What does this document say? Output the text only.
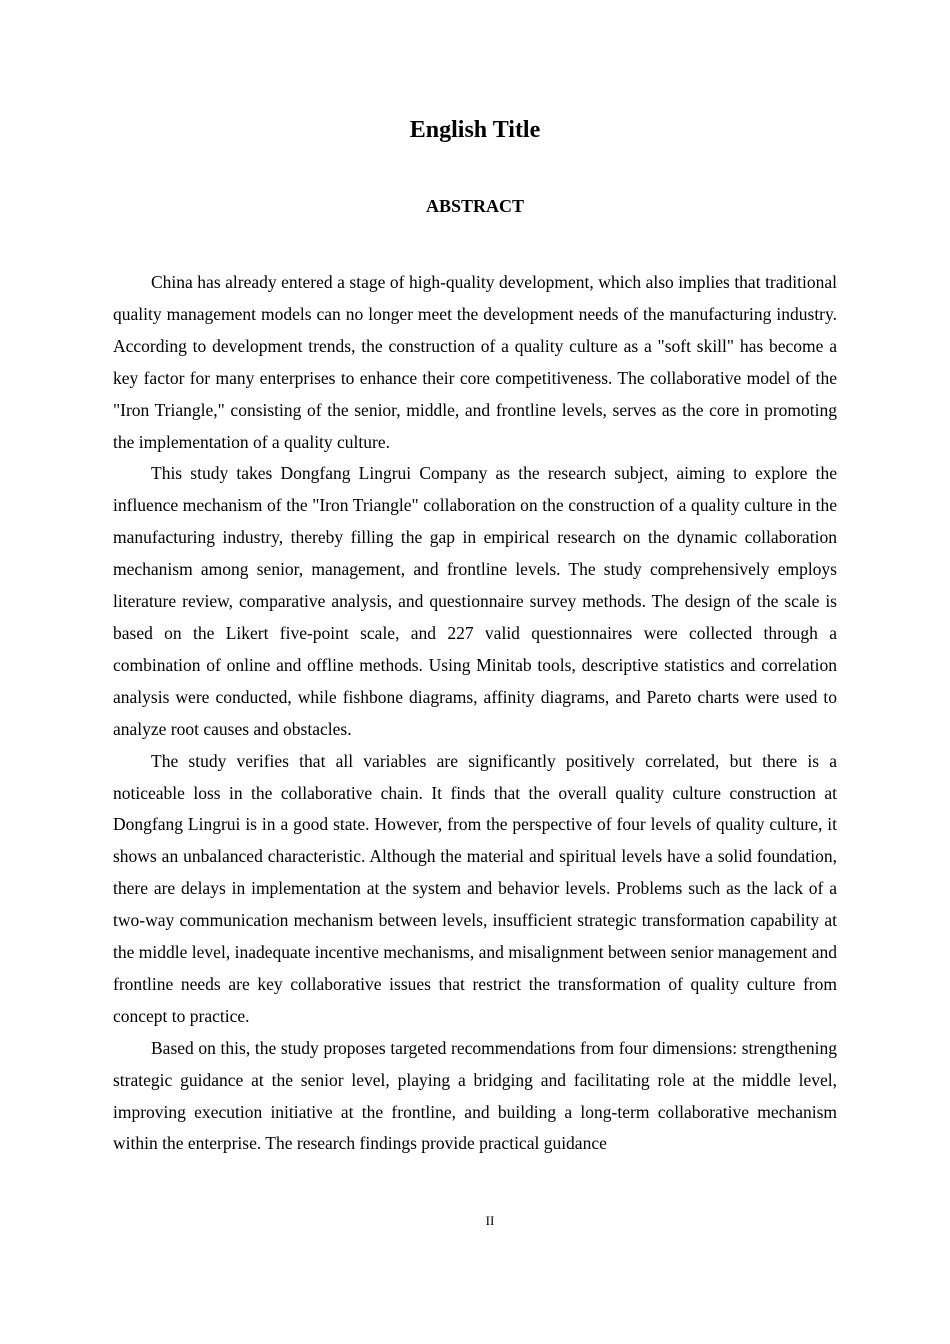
English Title
ABSTRACT

China has already entered a stage of high-quality development, which also implies that traditional quality management models can no longer meet the development needs of the manufacturing industry. According to development trends, the construction of a quality culture as a "soft skill" has become a key factor for many enterprises to enhance their core competitiveness. The collaborative model of the "Iron Triangle," consisting of the senior, middle, and frontline levels, serves as the core in promoting the implementation of a quality culture.

This study takes Dongfang Lingrui Company as the research subject, aiming to explore the influence mechanism of the "Iron Triangle" collaboration on the construction of a quality culture in the manufacturing industry, thereby filling the gap in empirical research on the dynamic collaboration mechanism among senior, management, and frontline levels. The study comprehensively employs literature review, comparative analysis, and questionnaire survey methods. The design of the scale is based on the Likert five-point scale, and 227 valid questionnaires were collected through a combination of online and offline methods. Using Minitab tools, descriptive statistics and correlation analysis were conducted, while fishbone diagrams, affinity diagrams, and Pareto charts were used to analyze root causes and obstacles.

The study verifies that all variables are significantly positively correlated, but there is a noticeable loss in the collaborative chain. It finds that the overall quality culture construction at Dongfang Lingrui is in a good state. However, from the perspective of four levels of quality culture, it shows an unbalanced characteristic. Although the material and spiritual levels have a solid foundation, there are delays in implementation at the system and behavior levels. Problems such as the lack of a two-way communication mechanism between levels, insufficient strategic transformation capability at the middle level, inadequate incentive mechanisms, and misalignment between senior management and frontline needs are key collaborative issues that restrict the transformation of quality culture from concept to practice.

Based on this, the study proposes targeted recommendations from four dimensions: strengthening strategic guidance at the senior level, playing a bridging and facilitating role at the middle level, improving execution initiative at the frontline, and building a long-term collaborative mechanism within the enterprise. The research findings provide practical guidance

II
